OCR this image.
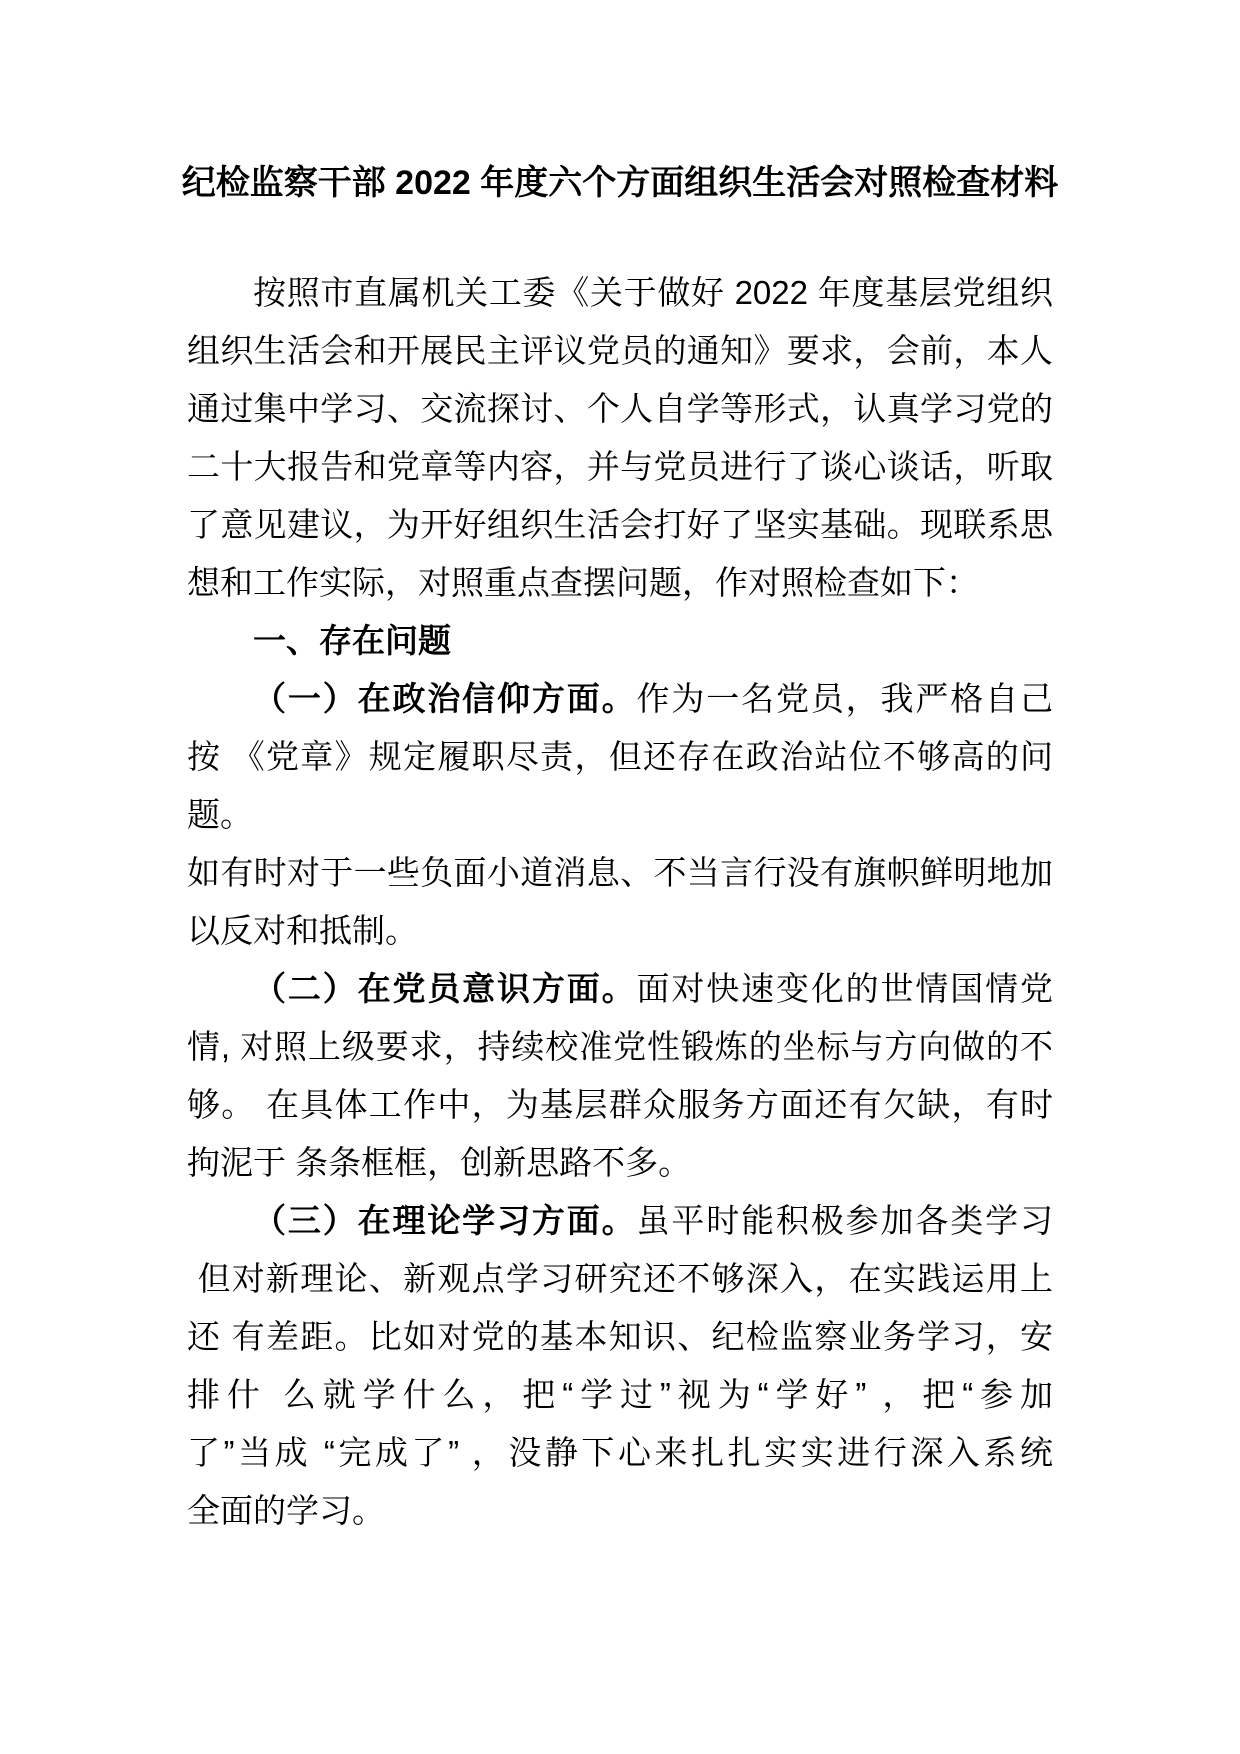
纪检监察干部 2022 年度六个方面组织生活会对照检查材料
按照市直属机关工委《关于做好 2022 年度基层党组织
组织生活会和开展民主评议党员的通知》要求，会前，本人
通过集中学习、交流探讨、个人自学等形式，认真学习党的
二十大报告和党章等内容，并与党员进行了谈心谈话，听取
了意见建议，为开好组织生活会打好了坚实基础。现联系思
想和工作实际，对照重点查摆问题，作对照检查如下：
一、存在问题
（一）在政治信仰方面。作为一名党员，我严格自己
按 《党章》规定履职尽责，但还存在政治站位不够高的问
题。
如有时对于一些负面小道消息、不当言行没有旗帜鲜明地加
以反对和抵制。
（二）在党员意识方面。面对快速变化的世情国情党
情, 对照上级要求，持续校准党性锻炼的坐标与方向做的不
够。 在具体工作中，为基层群众服务方面还有欠缺，有时
拘泥于 条条框框，创新思路不多。
（三）在理论学习方面。虽平时能积极参加各类学习
但对新理论、新观点学习研究还不够深入，在实践运用上
还 有差距。比如对党的基本知识、纪检监察业务学习，安
排什 么就学什么，把“学过”视为“学好” ，把“参加
了”当成 “完成了” ，没静下心来扎扎实实进行深入系统
全面的学习。
